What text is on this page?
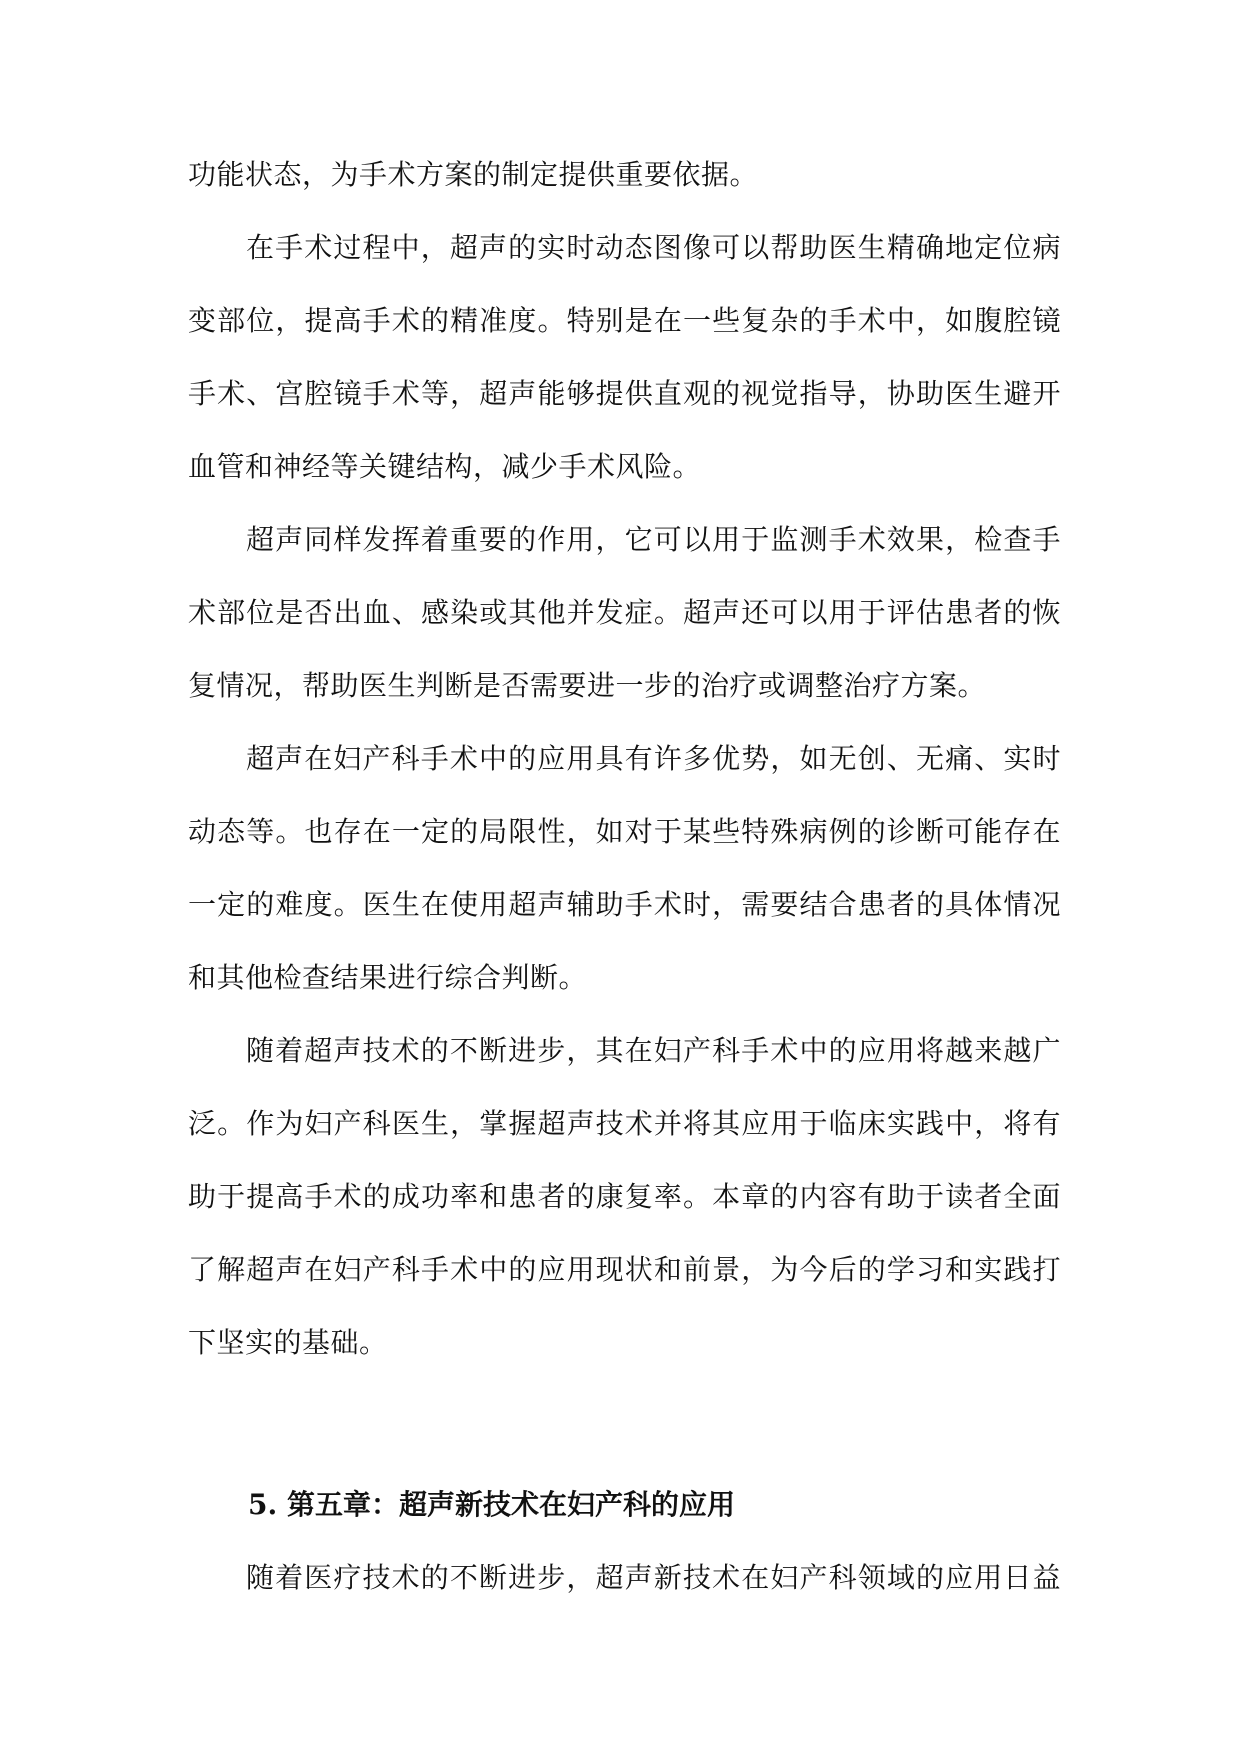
功能状态，为手术方案的制定提供重要依据。

在手术过程中，超声的实时动态图像可以帮助医生精确地定位病
变部位，提高手术的精准度。特别是在一些复杂的手术中，如腹腔镜
手术、宫腔镜手术等，超声能够提供直观的视觉指导，协助医生避开
血管和神经等关键结构，减少手术风险。

超声同样发挥着重要的作用，它可以用于监测手术效果，检查手
术部位是否出血、感染或其他并发症。超声还可以用于评估患者的恢
复情况，帮助医生判断是否需要进一步的治疗或调整治疗方案。

超声在妇产科手术中的应用具有许多优势，如无创、无痛、实时
动态等。也存在一定的局限性，如对于某些特殊病例的诊断可能存在
一定的难度。医生在使用超声辅助手术时，需要结合患者的具体情况
和其他检查结果进行综合判断。

随着超声技术的不断进步，其在妇产科手术中的应用将越来越广
泛。作为妇产科医生，掌握超声技术并将其应用于临床实践中，将有
助于提高手术的成功率和患者的康复率。本章的内容有助于读者全面
了解超声在妇产科手术中的应用现状和前景，为今后的学习和实践打
下坚实的基础。

5. 第五章：超声新技术在妇产科的应用

随着医疗技术的不断进步，超声新技术在妇产科领域的应用日益
